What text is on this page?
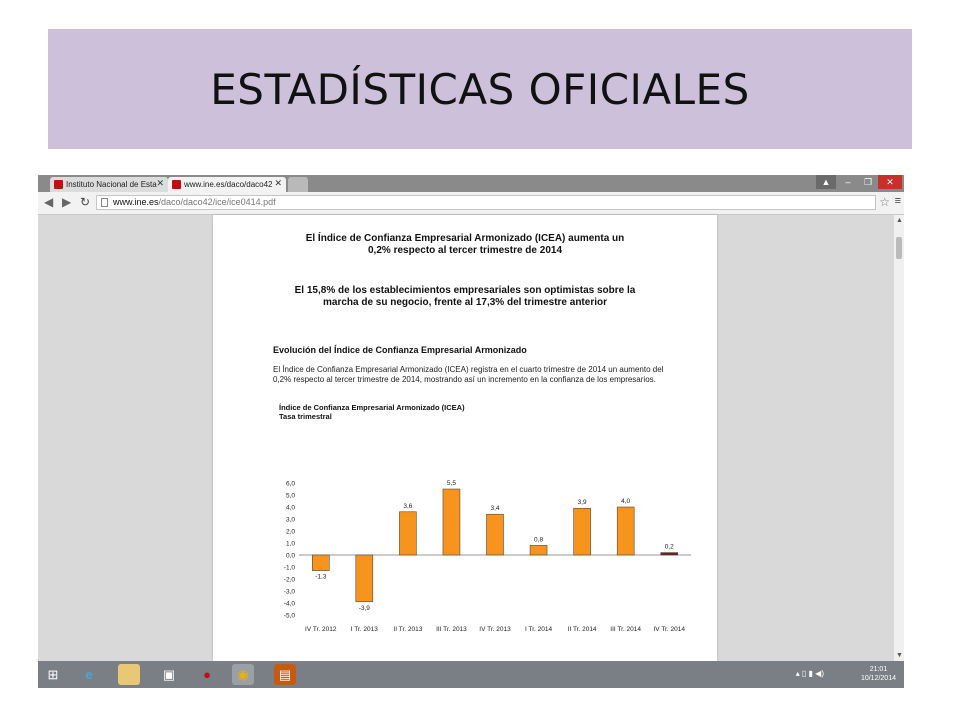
ESTADÍSTICAS OFICIALES
Instituto Nacional de Esta ✕	www.ine.es/daco/daco42 ✕	▲	–	❐	✕
◀ ▶ ↻	www.ine.es/daco/daco42/ice/ice0414.pdf	☆ ≡
El Índice de Confianza Empresarial Armonizado (ICEA) aumenta un 0,2% respecto al tercer trimestre de 2014
El 15,8% de los establecimientos empresariales son optimistas sobre la marcha de su negocio, frente al 17,3% del trimestre anterior
Evolución del Índice de Confianza Empresarial Armonizado
El Índice de Confianza Empresarial Armonizado (ICEA) registra en el cuarto trimestre de 2014 un aumento del 0,2% respecto al tercer trimestre de 2014, mostrando así un incremento en la confianza de los empresarios.
Índice de Confianza Empresarial Armonizado (ICEA)
Tasa trimestral
6,0
5,0
4,0
3,0
2,0
1,0
0,0
-1,0
-2,0
-3,0
-4,0
-5,0
-1,3
IV Tr. 2012
-3,9
I Tr. 2013
3,6
II Tr. 2013
5,5
III Tr. 2013
3,4
IV Tr. 2013
0,8
I Tr. 2014
3,9
II Tr. 2014
4,0
III Tr. 2014
0,2
IV Tr. 2014
▲
▼
⊞	e	▣	●	◉	▤	▴ ▯ ▮ ◀)	21:01
10/12/2014
